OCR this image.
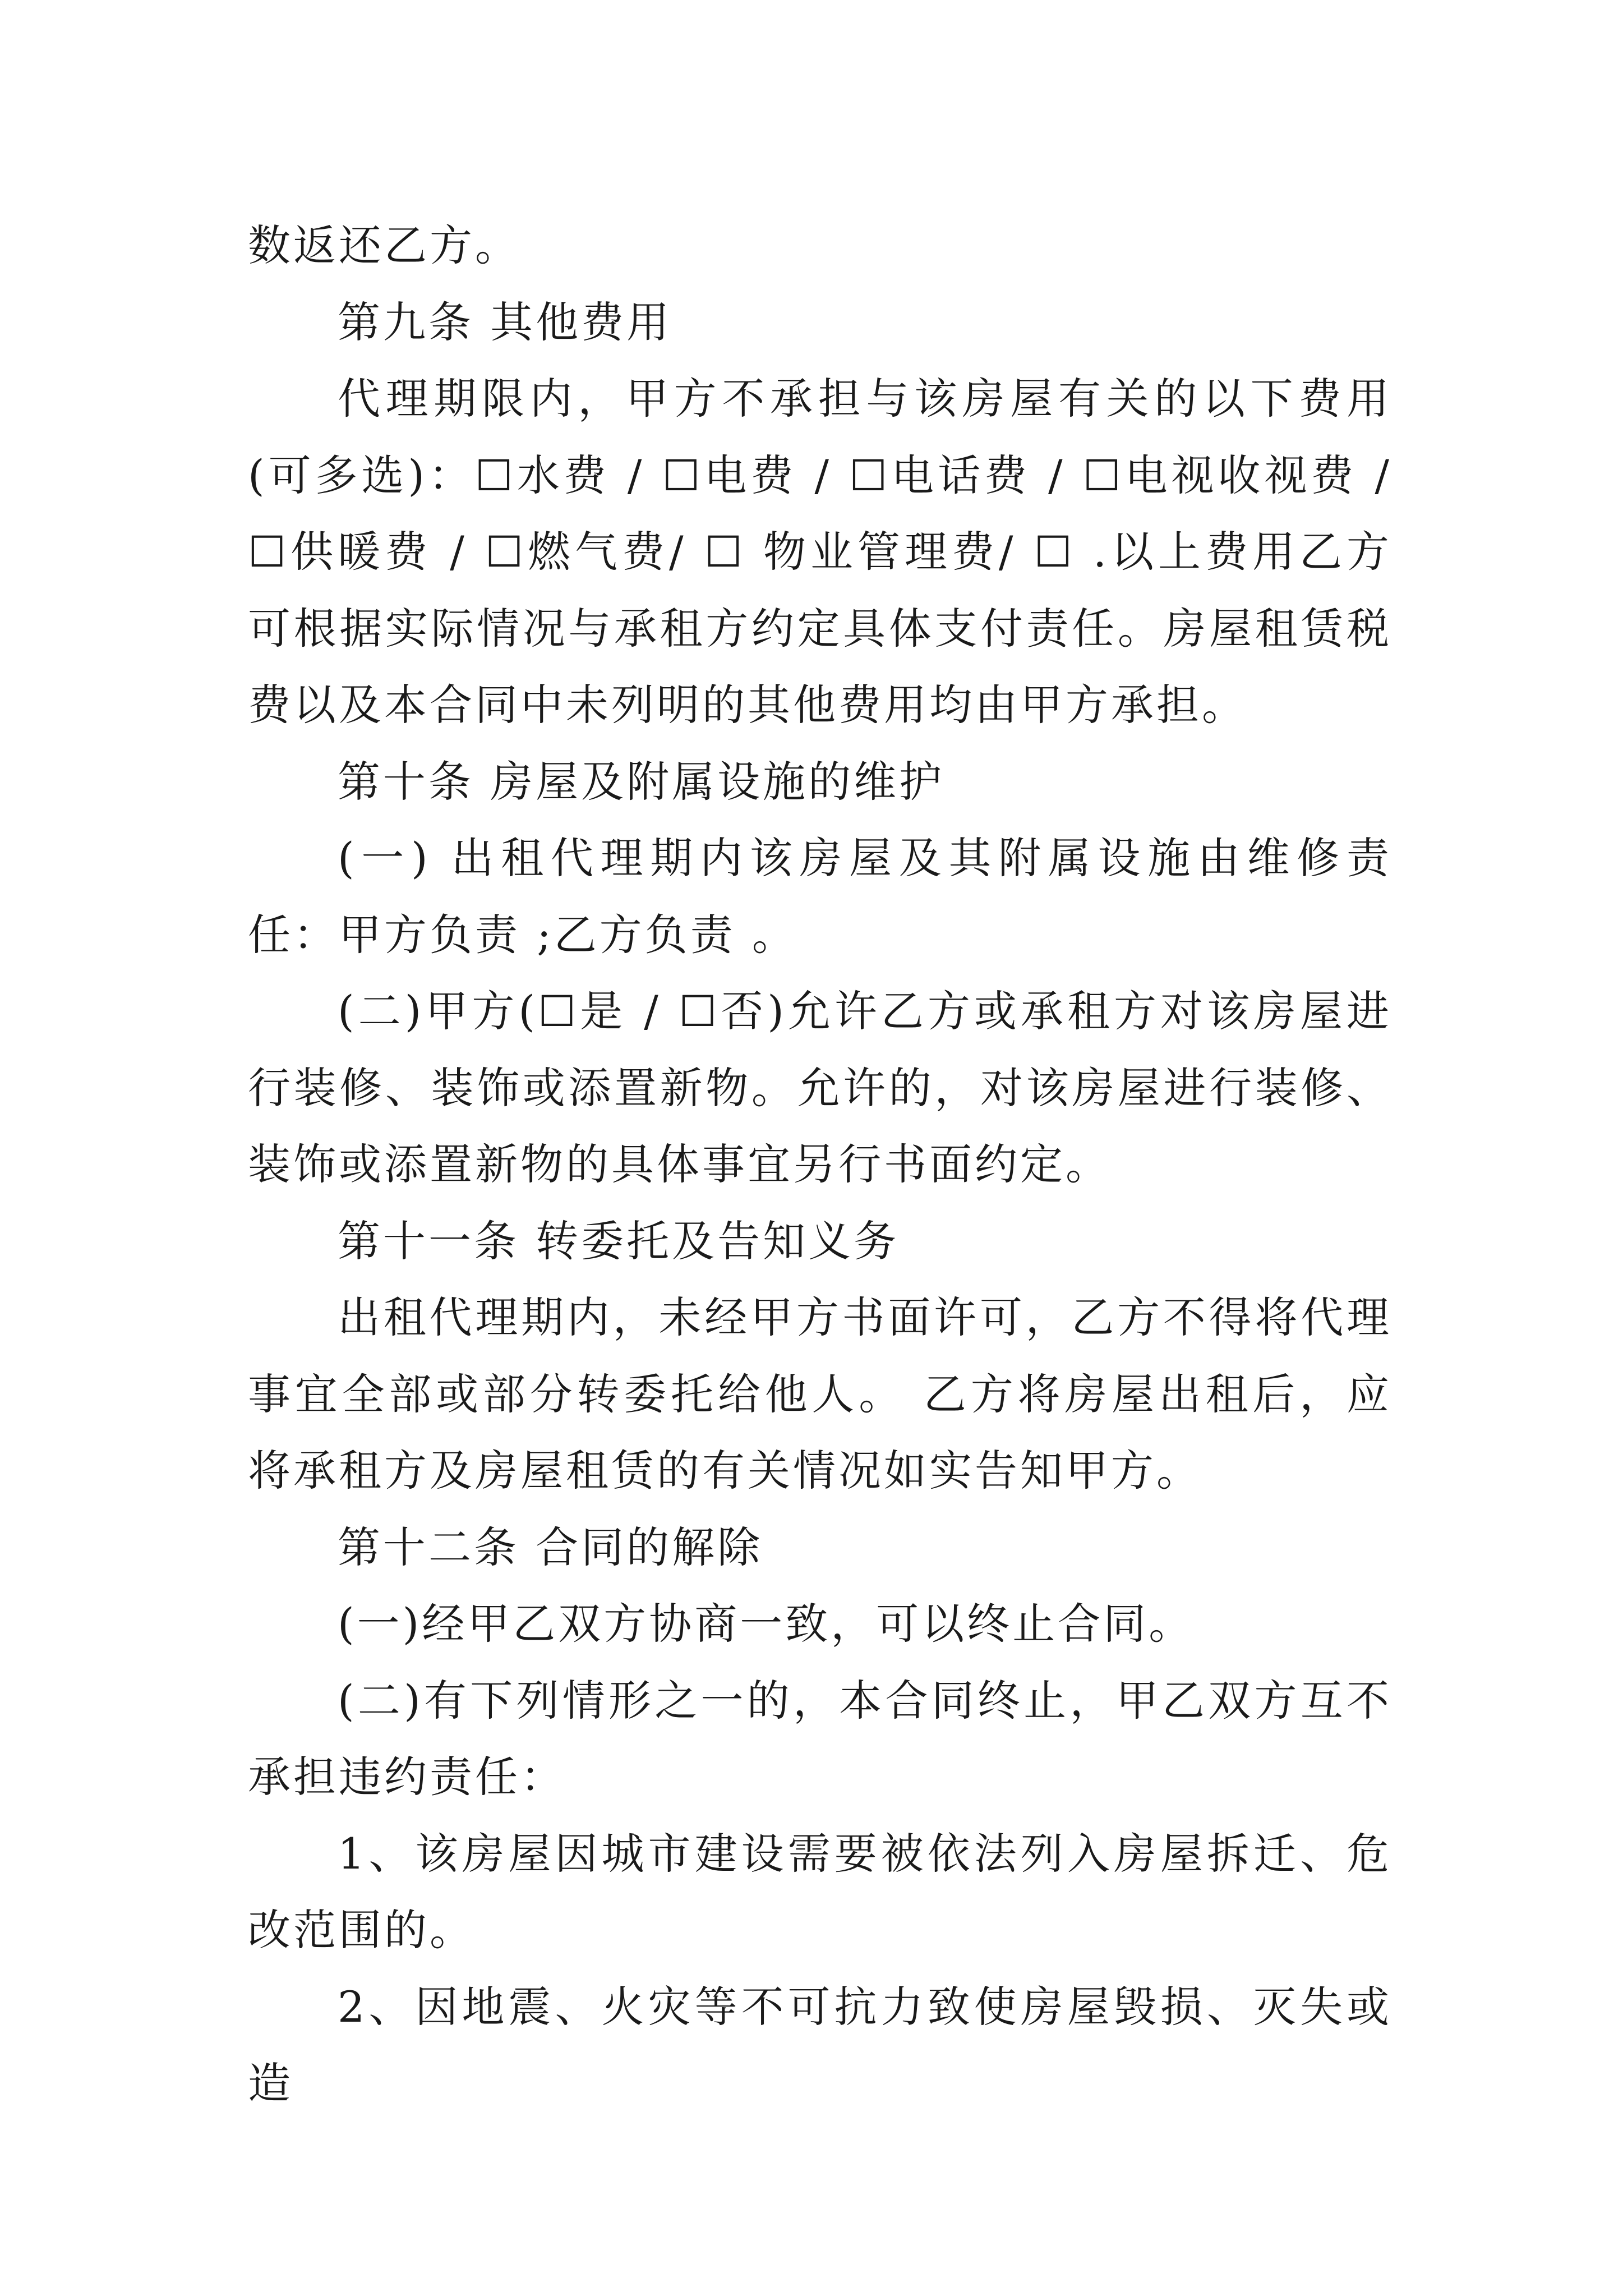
数返还乙方。

第九条 其他费用

代理期限内，甲方不承担与该房屋有关的以下费用(可多选)：☐水费 / ☐电费 / ☐电话费 / ☐电视收视费 / ☐供暖费 / ☐燃气费/ ☐ 物业管理费/ ☐ .以上费用乙方可根据实际情况与承租方约定具体支付责任。房屋租赁税费以及本合同中未列明的其他费用均由甲方承担。

第十条 房屋及附属设施的维护

(一) 出租代理期内该房屋及其附属设施由维修责任：甲方负责 ;乙方负责 。

(二)甲方(☐是 / ☐否)允许乙方或承租方对该房屋进行装修、装饰或添置新物。允许的，对该房屋进行装修、装饰或添置新物的具体事宜另行书面约定。

第十一条 转委托及告知义务

出租代理期内，未经甲方书面许可，乙方不得将代理事宜全部或部分转委托给他人。 乙方将房屋出租后，应将承租方及房屋租赁的有关情况如实告知甲方。

第十二条 合同的解除

(一)经甲乙双方协商一致，可以终止合同。

(二)有下列情形之一的，本合同终止，甲乙双方互不承担违约责任：

1、该房屋因城市建设需要被依法列入房屋拆迁、危改范围的。

2、因地震、火灾等不可抗力致使房屋毁损、灭失或造
